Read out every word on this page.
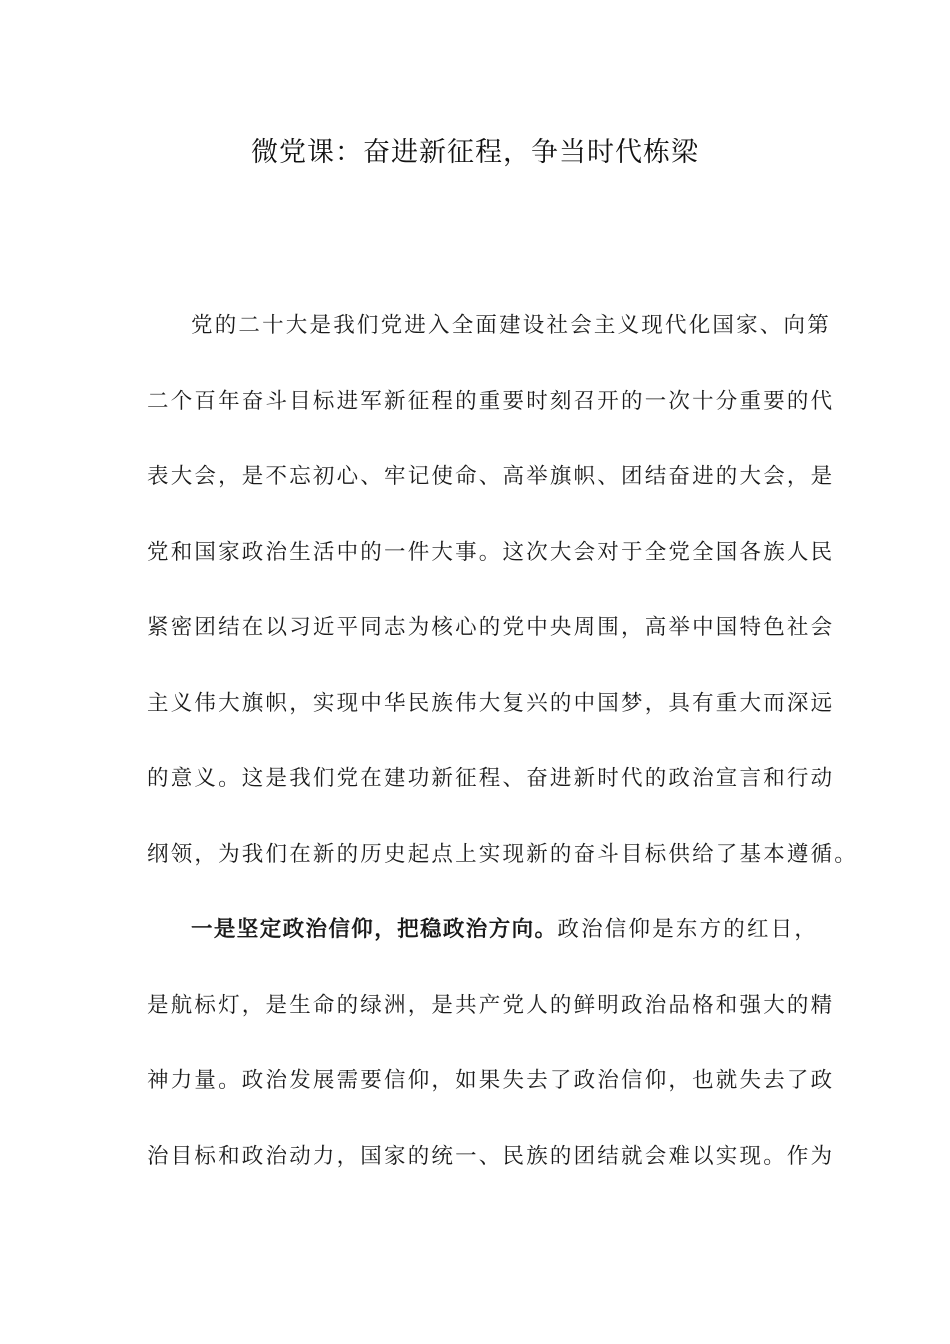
微党课：奋进新征程，争当时代栋梁
党的二十大是我们党进入全面建设社会主义现代化国家、向第
二个百年奋斗目标进军新征程的重要时刻召开的一次十分重要的代
表大会，是不忘初心、牢记使命、高举旗帜、团结奋进的大会，是
党和国家政治生活中的一件大事。这次大会对于全党全国各族人民
紧密团结在以习近平同志为核心的党中央周围，高举中国特色社会
主义伟大旗帜，实现中华民族伟大复兴的中国梦，具有重大而深远
的意义。这是我们党在建功新征程、奋进新时代的政治宣言和行动
纲领，为我们在新的历史起点上实现新的奋斗目标供给了基本遵循。
一是坚定政治信仰，把稳政治方向。政治信仰是东方的红日，
是航标灯，是生命的绿洲，是共产党人的鲜明政治品格和强大的精
神力量。政治发展需要信仰，如果失去了政治信仰，也就失去了政
治目标和政治动力，国家的统一、民族的团结就会难以实现。作为
